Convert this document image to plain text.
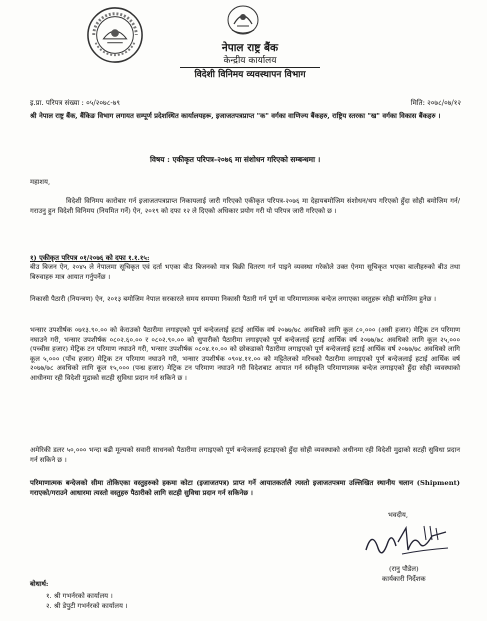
नेपाल राष्ट्र बैंक
केन्द्रीय कार्यालय
विदेशी विनिमय व्यवस्थापन विभाग
इ.प्रा. परिपत्र संख्या : ०५/२०७८-७९	मिति: २०७८/०७/१२
श्री नेपाल राष्ट्र बैंक, बैंकिङ विभाग लगायत सम्पूर्ण प्रदेशस्थित कार्यालयहरू, इजाजतपत्रप्राप्त "क" वर्गका वाणिज्य बैंकहरु, राष्ट्रिय स्तरका "ख" वर्गका विकास बैंकहरु ।
विषय : एकीकृत परिपत्र-२०७६ मा संशोधन गरिएको सम्बन्धमा ।
महाशय,
विदेशी विनिमय कारोबार गर्न इजाजतपत्रप्राप्त निकायलाई जारी गरिएको एकीकृत परिपत्र-२०७६ मा देहायबमोजिम संशोधन/थप गरिएको हुँदा सोही बमोजिम गर्न/गराउनु हुन विदेशी विनिमय (नियमित गर्ने) ऐन, २०१९ को दफा १२ ले दिएको अधिकार प्रयोग गरी यो परिपत्र जारी गरिएको छ ।
१) एकीकृत परिपत्र ०१/२०७६ को दफा १.१.१५:
बीउ बिजन ऐन, २०४५ ले नेपालमा सूचिकृत एवं दर्ता भएका बीउ बिजनको मात्र बिक्री वितरण गर्न पाइने व्यवस्था गरेकोले उक्त ऐनमा सूचिकृत भएका बालीहरुको बीउ तथा बिरुवाहरु मात्र आयात गर्नुपर्नेछ ।
निकासी पैठारी (नियन्त्रण) ऐन, २०१३ बमोजिम नेपाल सरकारले समय समयमा निकासी पैठारी गर्न पूर्ण वा परिमाणात्मक बन्देज लगाएका वस्तुहरू सोही बमोजिम हुनेछ ।
भन्सार उपशीर्षक ०७१३.९०.०० को केराउको पैठारीमा लगाइएको पूर्ण बन्देजलाई हटाई आर्थिक वर्ष २०७७/७८ अवधिको लागि कूल ८०,००० (असी हजार) मेट्रिक टन परिमाण नघाउने गरी, भन्सार उपशीर्षक ०८०२.६०.०० र ०८०२.९०.०० को सुपारीको पैठारीमा लगाइएको पूर्ण बन्देजलाई हटाई आर्थिक वर्ष २०७७/७८ अवधिको लागि कूल २५,००० (पच्चीस हजार) मेट्रिक टन परिमाण नघाउने गरी, भन्सार उपशीर्षक ०८०४.१०.०० को छोकडाको पैठारीमा लगाइएको पूर्ण बन्देजलाई हटाई आर्थिक वर्ष २०७७/७८ अवधिको लागि कूल ५,००० (पाँच हजार) मेट्रिक टन परिमाण नघाउने गरी, भन्सार उपशीर्षक ०९०४.११.०० को मट्टितेलको मरिचको पैठारीमा लगाइएको पूर्ण बन्देजलाई हटाई आर्थिक वर्ष २०७७/७८ अवधिको लागि कूल १५,००० (पन्ध्र हजार) मेट्रिक टन परिमाण नघाउने गरी विदेशबाट आयात गर्न स्वीकृति परिमाणात्मक बन्देज लगाइएको हुँदा सोही व्यवस्थाको आधीनमा रही विदेशी मुद्राको सटही सुविधा प्रदान गर्न सकिने छ ।
अमेरिकी डलर ५०,००० भन्दा बढी मूल्यको सवारी साधनको पैठारीमा लगाइएको पूर्ण बन्देजलाई हटाइएको हुँदा सोही व्यवस्थाको अधीनमा रही विदेशी मुद्राको सटही सुविधा प्रदान गर्न सकिने छ ।
परिमाणात्मक बन्देजको सीमा तोकिएका वस्तुहरुको हकमा कोटा (इजाजतपत्र) प्राप्त गर्ने आयातकर्तालै त्यस्तो इजाजतपत्रमा उल्लिखित स्थानीय चलान (Shipment) गराएको/गराउने आधारमा त्यस्तो वस्तुहरु पैठारीको लागि सटही सुविधा प्रदान गर्न सकिनेछ ।
भवदीय,
(रानु पौडेल)
कार्यकारी निर्देशक
बोधार्थ:
१. श्री गभर्नरको कार्यालय ।
२. श्री डेपुटी गभर्नरको कार्यालय ।
